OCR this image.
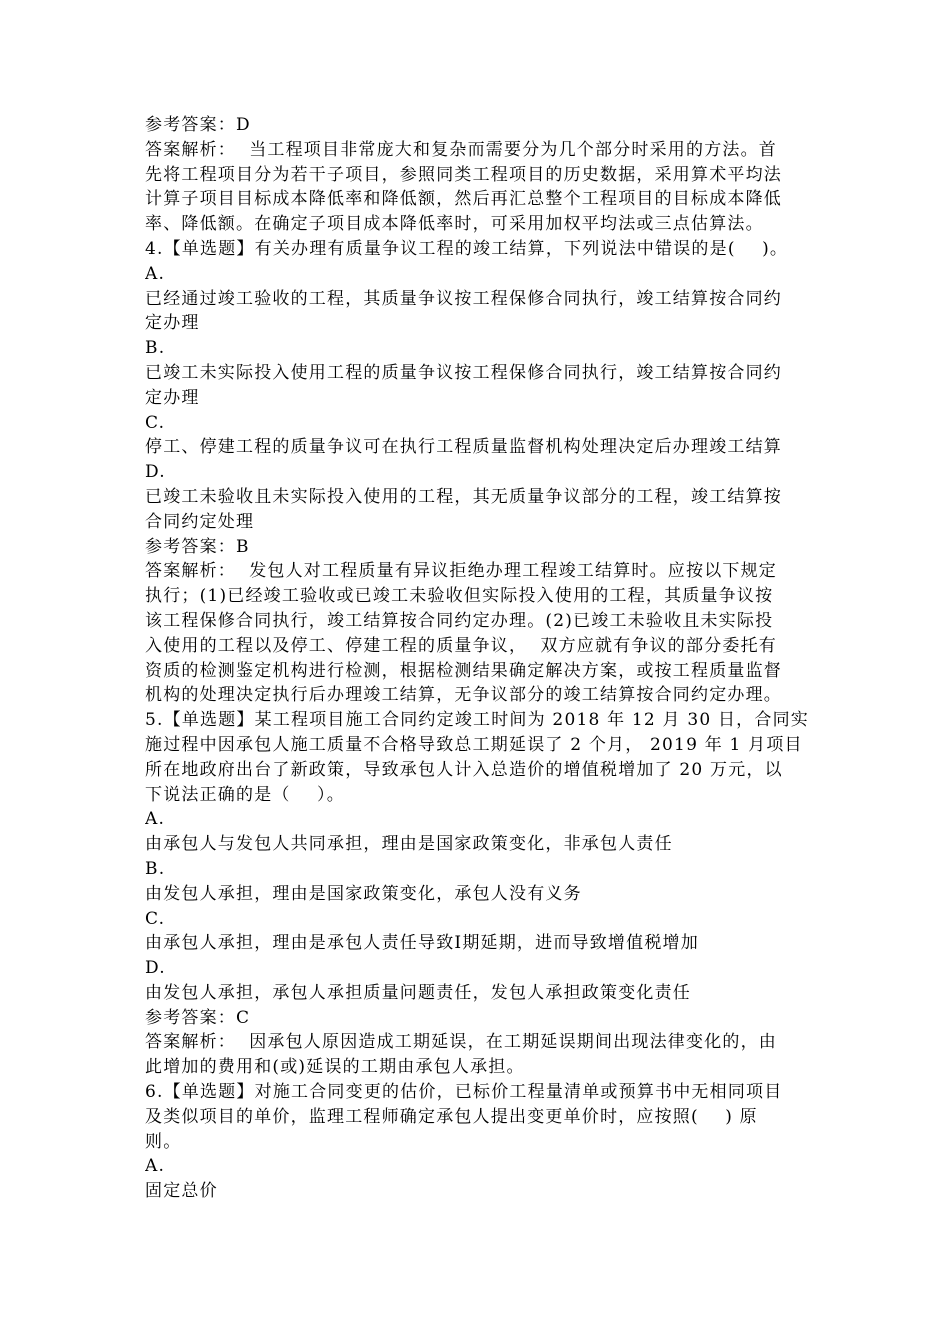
参考答案：D
答案解析：  当工程项目非常庞大和复杂而需要分为几个部分时采用的方法。首
先将工程项目分为若干子项目，参照同类工程项目的历史数据，采用算术平均法
计算子项目目标成本降低率和降低额，然后再汇总整个工程项目的目标成本降低
率、降低额。在确定子项目成本降低率时，可采用加权平均法或三点估算法。
4.【单选题】有关办理有质量争议工程的竣工结算，下列说法中错误的是(    )。
A.
已经通过竣工验收的工程，其质量争议按工程保修合同执行，竣工结算按合同约
定办理
B.
已竣工未实际投入使用工程的质量争议按工程保修合同执行，竣工结算按合同约
定办理
C.
停工、停建工程的质量争议可在执行工程质量监督机构处理决定后办理竣工结算
D.
已竣工未验收且未实际投入使用的工程，其无质量争议部分的工程，竣工结算按
合同约定处理
参考答案：B
答案解析：  发包人对工程质量有异议拒绝办理工程竣工结算时。应按以下规定
执行；(1)已经竣工验收或已竣工未验收但实际投入使用的工程，其质量争议按
该工程保修合同执行，竣工结算按合同约定办理。(2)已竣工未验收且未实际投
入使用的工程以及停工、停建工程的质量争议，  双方应就有争议的部分委托有
资质的检测鉴定机构进行检测，根据检测结果确定解决方案，或按工程质量监督
机构的处理决定执行后办理竣工结算，无争议部分的竣工结算按合同约定办理。
5.【单选题】某工程项目施工合同约定竣工时间为 2018 年 12 月 30 日，合同实
施过程中因承包人施工质量不合格导致总工期延误了 2 个月， 2019 年 1 月项目
所在地政府出台了新政策，导致承包人计入总造价的增值税增加了 20 万元，以
下说法正确的是（    ）。
A.
由承包人与发包人共同承担，理由是国家政策变化，非承包人责任
B.
由发包人承担，理由是国家政策变化，承包人没有义务
C.
由承包人承担，理由是承包人责任导致Ⅰ期延期，进而导致增值税增加
D.
由发包人承担，承包人承担质量问题责任，发包人承担政策变化责任
参考答案：C
答案解析：  因承包人原因造成工期延误，在工期延误期间出现法律变化的，由
此增加的费用和(或)延误的工期由承包人承担。
6.【单选题】对施工合同变更的估价，已标价工程量清单或预算书中无相同项目
及类似项目的单价，监理工程师确定承包人提出变更单价时，应按照(    ) 原
则。
A.
固定总价
